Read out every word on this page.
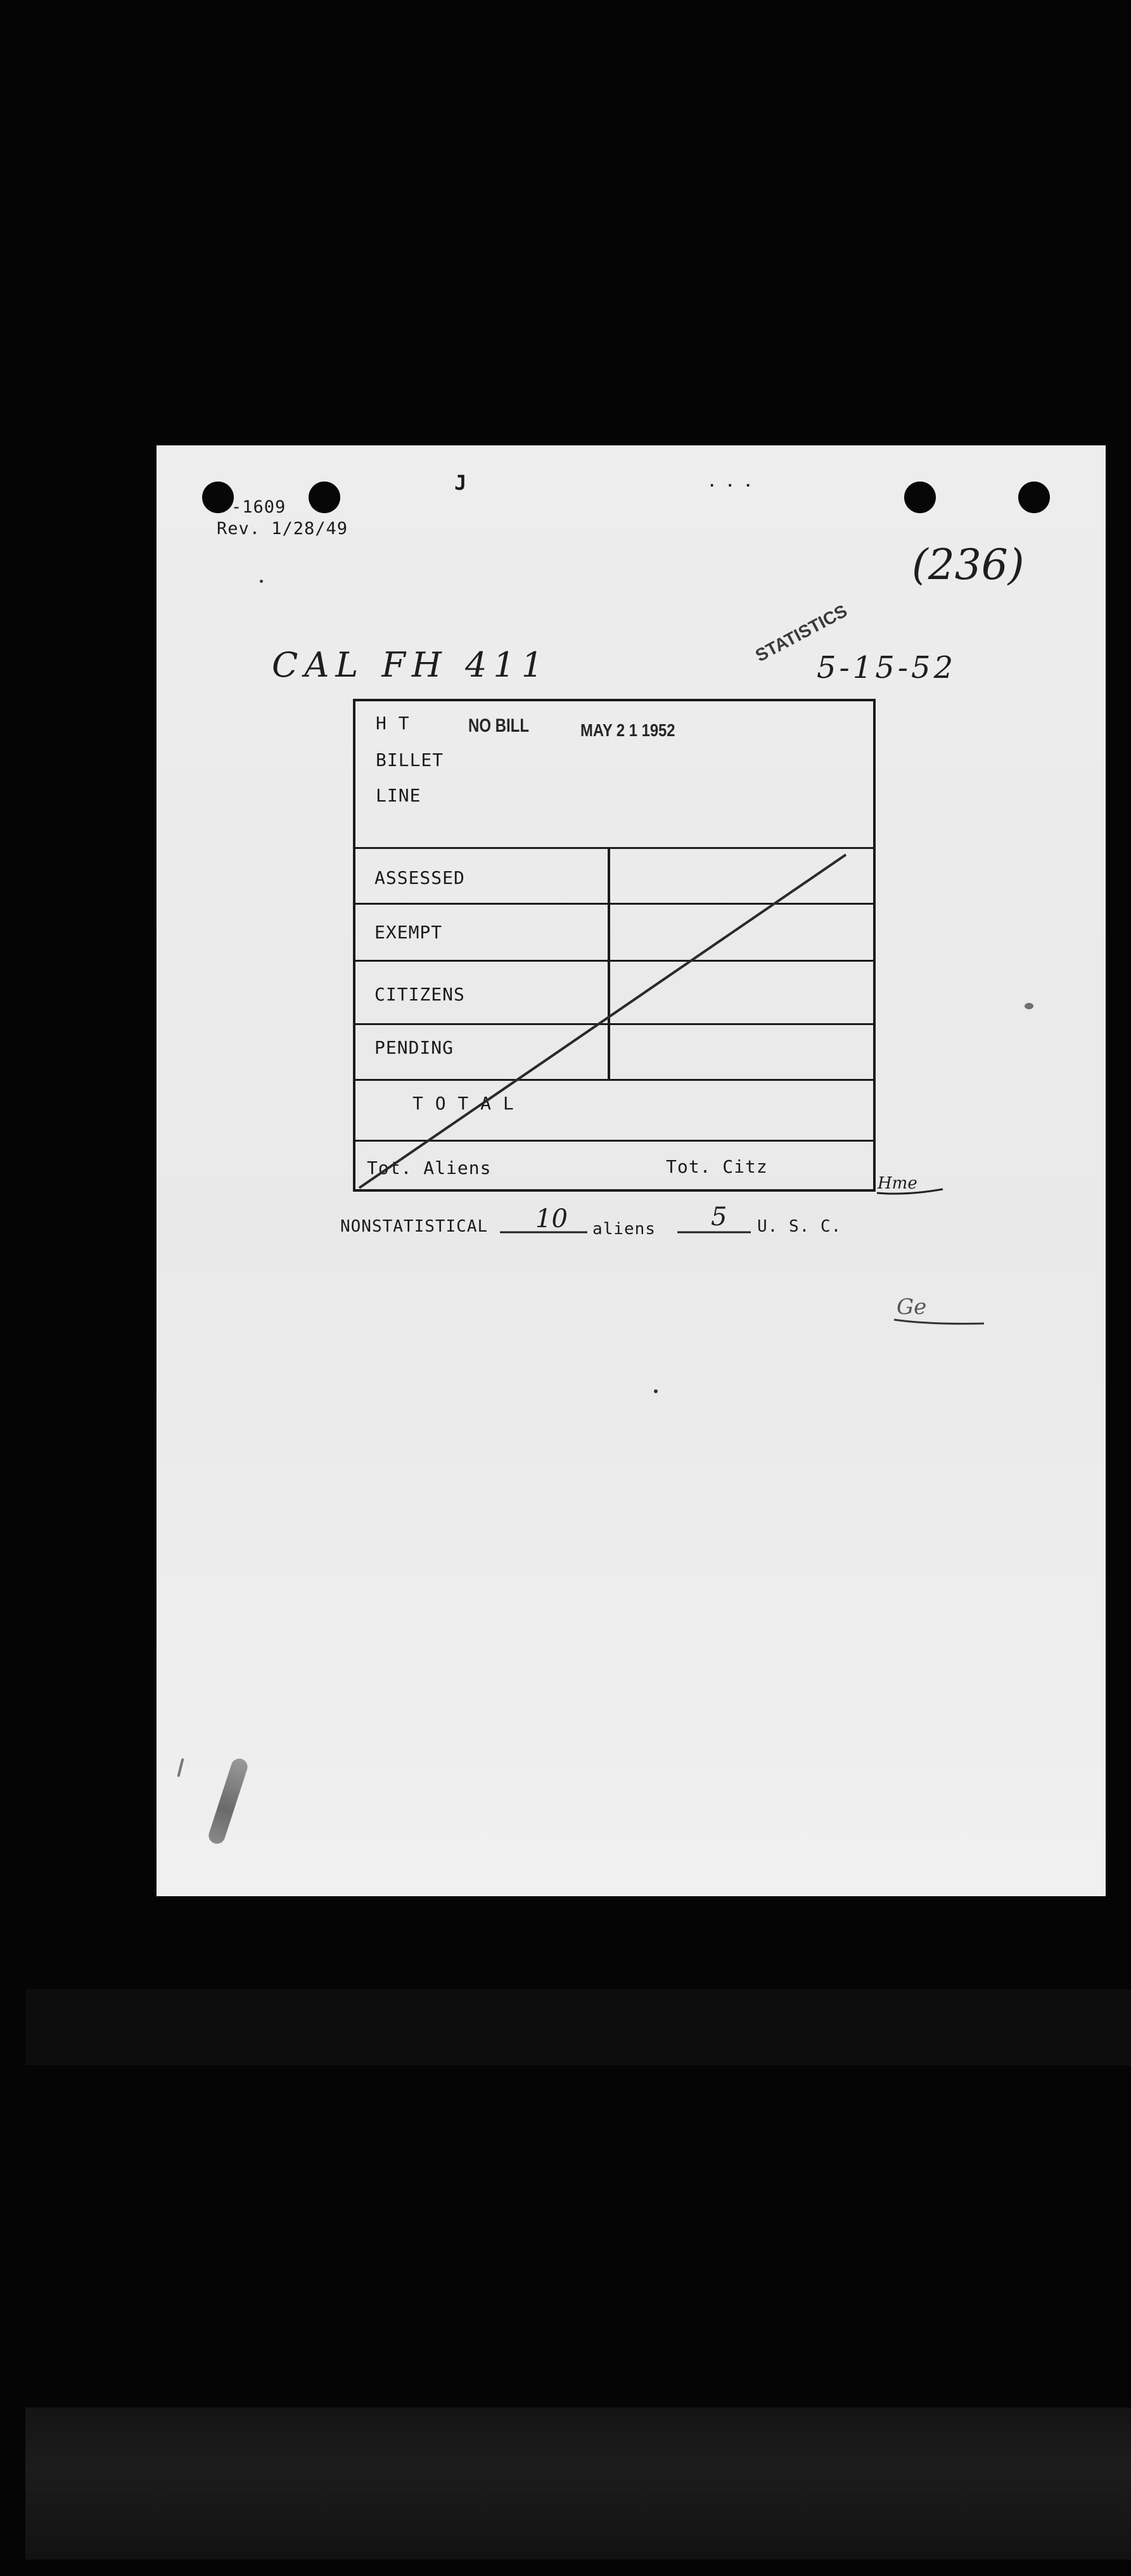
-1609
Rev. 1/28/49
J	· · ·
(236)
CAL FH 411	STATISTICS
5-15-52
H T
BILLET
LINE
NO BILL	MAY 2 1 1952
ASSESSED
EXEMPT
CITIZENS
PENDING
T O T A L
Tot. Aliens	Tot. Citz
Hme
NONSTATISTICAL 10 aliens 5 U. S. C.
Ge
